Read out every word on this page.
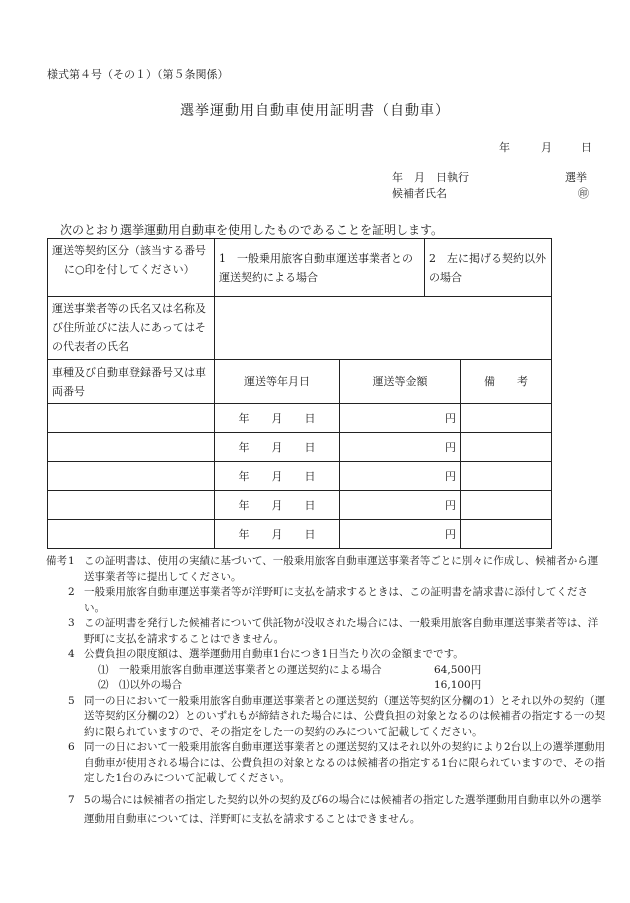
様式第４号（その１）（第５条関係）
選挙運動用自動車使用証明書（自動車）
年	月	日
年　月　日執行	選挙
候補者氏名	㊞
次のとおり選挙運動用自動車を使用したものであることを証明します。
運送等契約区分（該当する番号に○印を付してください）	1　一般乗用旅客自動車運送事業者との運送契約による場合		2　左に掲げる契約以外の場合	
運送事業者等の氏名又は名称及び住所並びに法人にあってはその代表者の氏名				
車種及び自動車登録番号又は車両番号	運送等年月日	運送等金額		備　　考
	年　　月　　日	円		
	年　　月　　日	円		
	年　　月　　日	円		
	年　　月　　日	円		
	年　　月　　日	円		
備考 1 この証明書は、使用の実績に基づいて、一般乗用旅客自動車運送事業者等ごとに別々に作成し、候補者から運送事業者等に提出してください。
2 一般乗用旅客自動車運送事業者等が洋野町に支払を請求するときは、この証明書を請求書に添付してください。
3 この証明書を発行した候補者について供託物が没収された場合には、一般乗用旅客自動車運送事業者等は、洋野町に支払を請求することはできません。
4 公費負担の限度額は、選挙運動用自動車1台につき1日当たり次の金額までです。
⑴　一般乗用旅客自動車運送事業者との運送契約による場合	64,500円
⑵　⑴以外の場合	16,100円
5 同一の日において一般乗用旅客自動車運送事業者との運送契約（運送等契約区分欄の1）とそれ以外の契約（運送等契約区分欄の2）とのいずれもが締結された場合には、公費負担の対象となるのは候補者の指定する一の契約に限られていますので、その指定をした一の契約のみについて記載してください。
6 同一の日において一般乗用旅客自動車運送事業者との運送契約又はそれ以外の契約により2台以上の選挙運動用自動車が使用される場合には、公費負担の対象となるのは候補者の指定する1台に限られていますので、その指定した1台のみについて記載してください。
7 5の場合には候補者の指定した契約以外の契約及び6の場合には候補者の指定した選挙運動用自動車以外の選挙運動用自動車については、洋野町に支払を請求することはできません。
